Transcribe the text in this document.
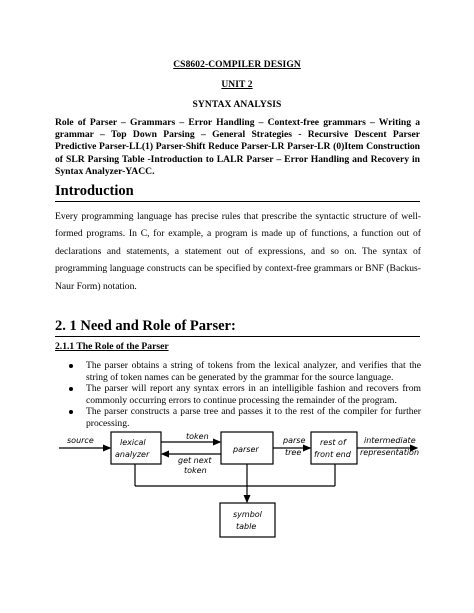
CS8602-COMPILER DESIGN
UNIT 2
SYNTAX ANALYSIS
Role of Parser – Grammars – Error Handling – Context-free grammars – Writing a grammar – Top Down Parsing – General Strategies - Recursive Descent Parser Predictive Parser-LL(1) Parser-Shift Reduce Parser-LR Parser-LR (0)Item Construction of SLR Parsing Table -Introduction to LALR Parser – Error Handling and Recovery in Syntax Analyzer-YACC.
Introduction
Every programming language has precise rules that prescribe the syntactic structure of well-formed programs. In C, for example, a program is made up of functions, a function out of declarations and statements, a statement out of expressions, and so on. The syntax of programming language constructs can be specified by context-free grammars or BNF (Backus-Naur Form) notation.
2. 1 Need and Role of Parser:
2.1.1 The Role of the Parser
The parser obtains a string of tokens from the lexical analyzer, and verifies that the string of token names can be generated by the grammar for the source language.
The parser will report any syntax errors in an intelligible fashion and recovers from commonly occurring errors to continue processing the remainder of the program.
The parser constructs a parse tree and passes it to the rest of the compiler for further processing.
source	lexical
analyzer
token
get next
token
parser
parse
tree
rest of
front end
intermediate
representation
symbol
table
